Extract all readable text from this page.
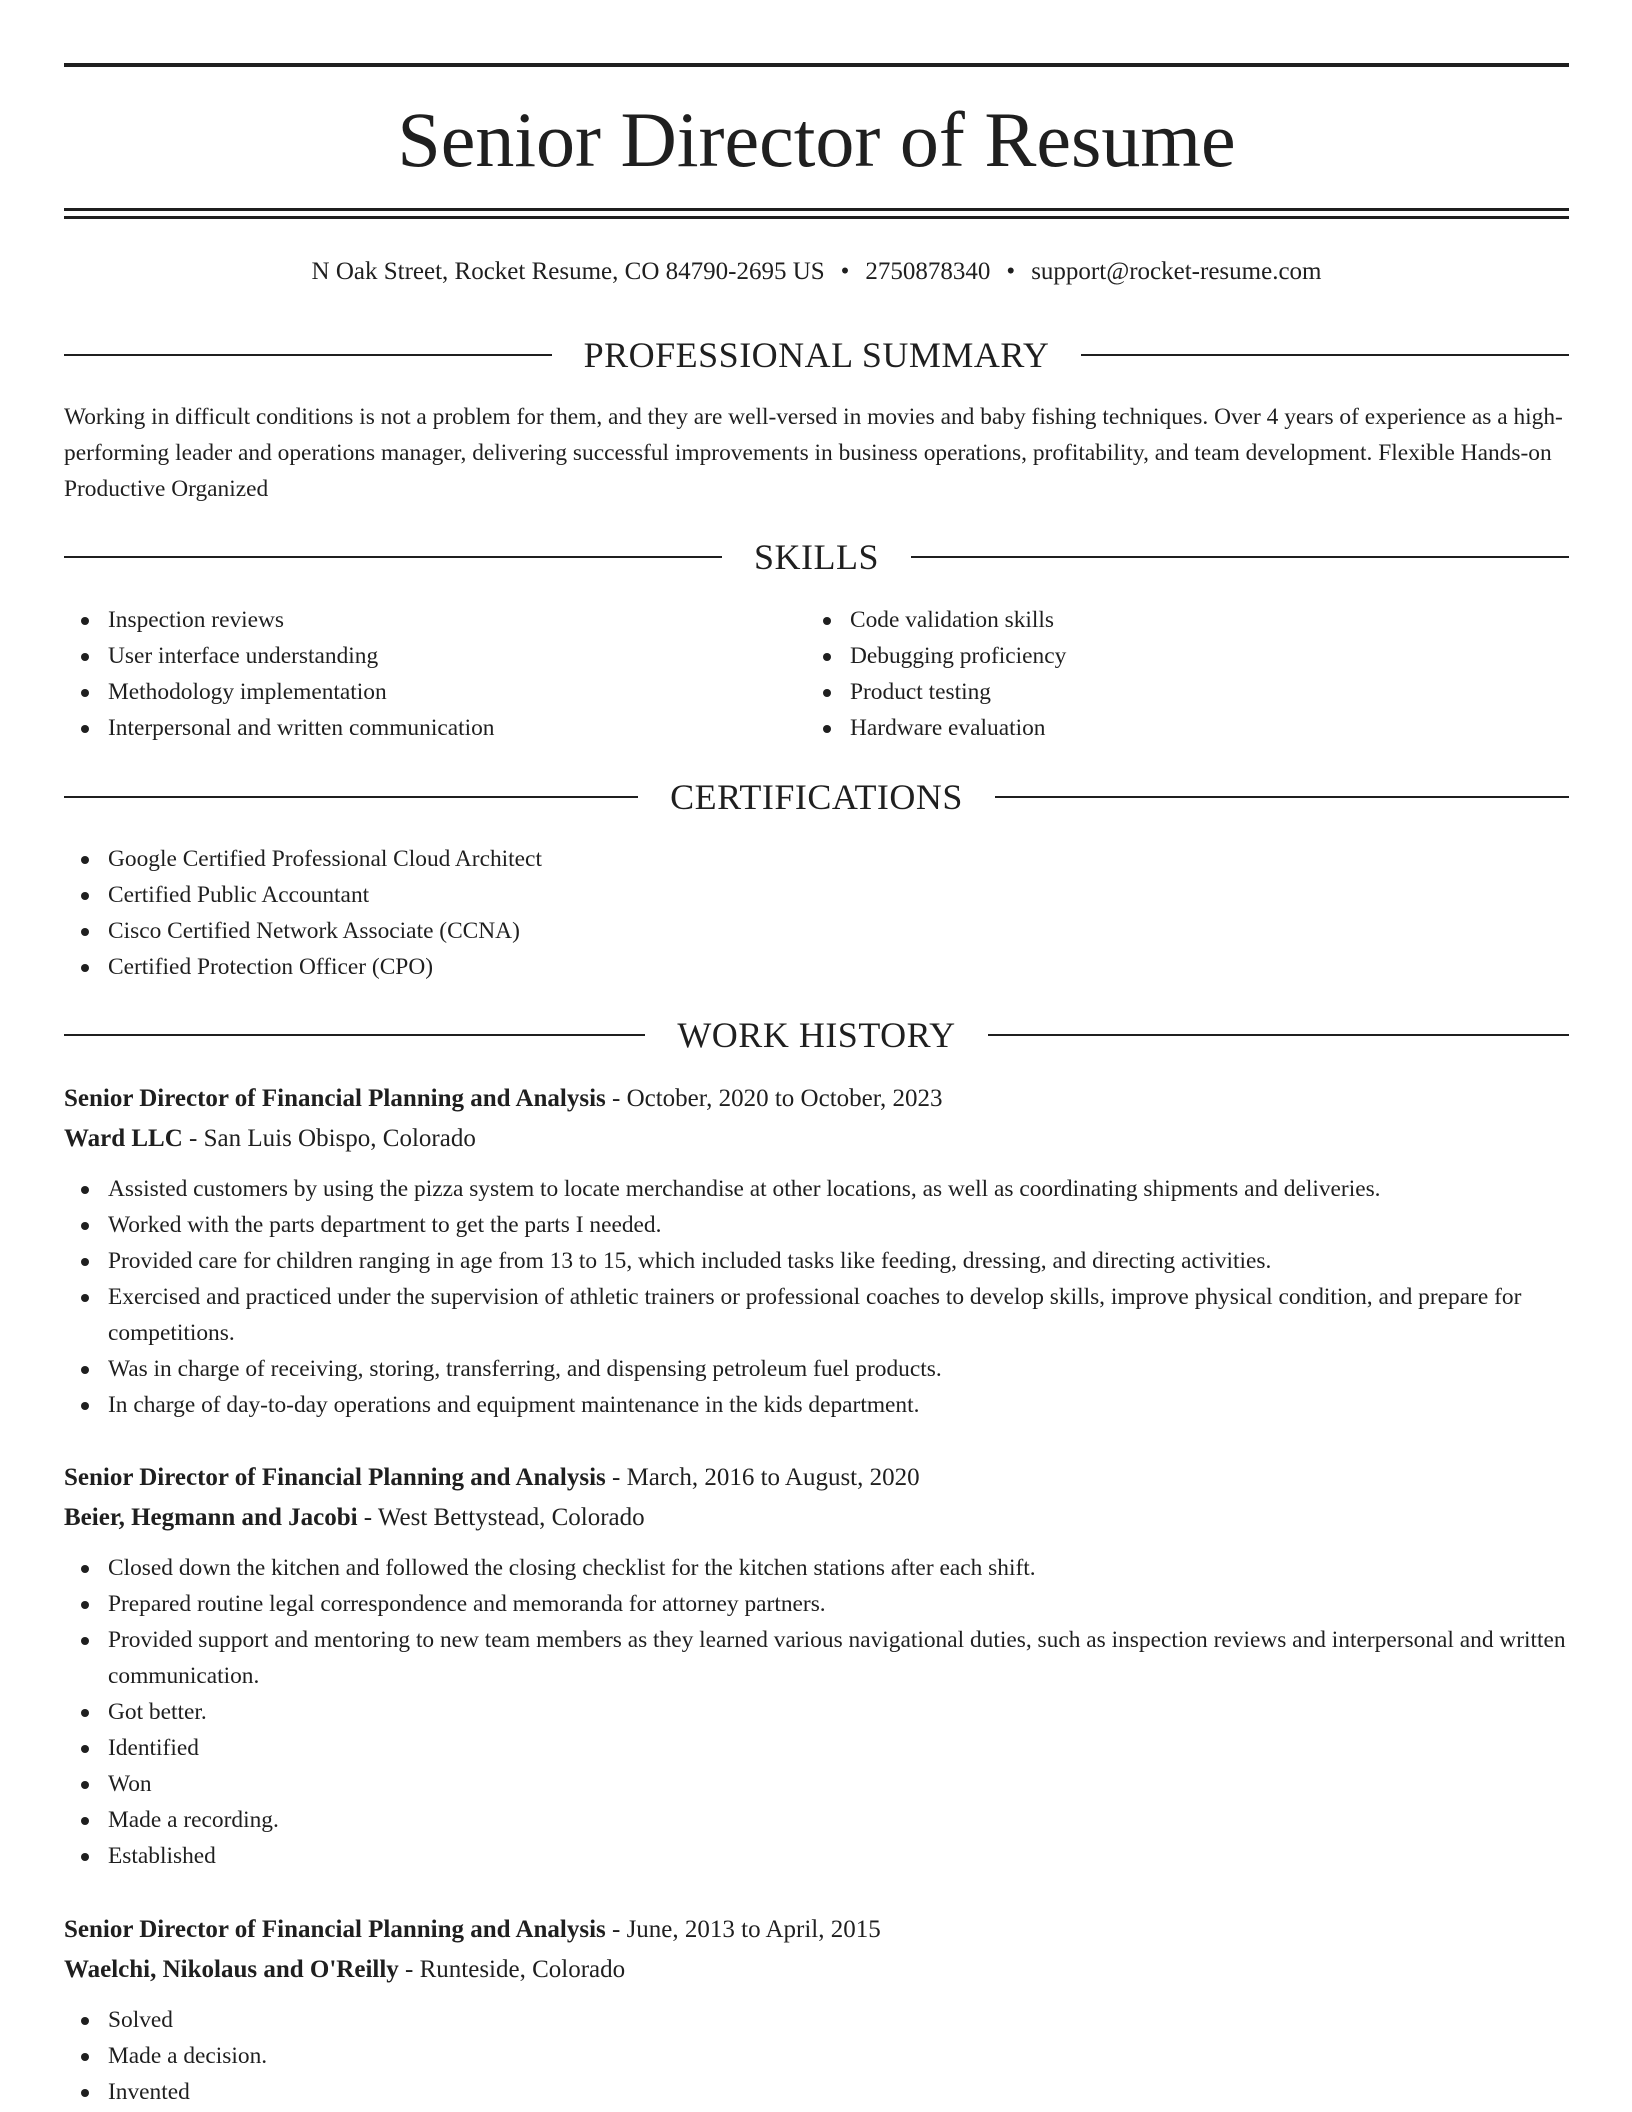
Senior Director of Resume
N Oak Street, Rocket Resume, CO 84790-2695 US • 2750878340 • support@rocket-resume.com
PROFESSIONAL SUMMARY

Working in difficult conditions is not a problem for them, and they are well-versed in movies and baby fishing techniques. Over 4 years of experience as a high-performing leader and operations manager, delivering successful improvements in business operations, profitability, and team development. Flexible Hands-on Productive Organized

SKILLS
Inspection reviews
User interface understanding
Methodology implementation
Interpersonal and written communication
Code validation skills
Debugging proficiency
Product testing
Hardware evaluation
CERTIFICATIONS
Google Certified Professional Cloud Architect
Certified Public Accountant
Cisco Certified Network Associate (CCNA)
Certified Protection Officer (CPO)
WORK HISTORY
Senior Director of Financial Planning and Analysis - October, 2020 to October, 2023
Ward LLC - San Luis Obispo, Colorado
Assisted customers by using the pizza system to locate merchandise at other locations, as well as coordinating shipments and deliveries.
Worked with the parts department to get the parts I needed.
Provided care for children ranging in age from 13 to 15, which included tasks like feeding, dressing, and directing activities.
Exercised and practiced under the supervision of athletic trainers or professional coaches to develop skills, improve physical condition, and prepare for competitions.
Was in charge of receiving, storing, transferring, and dispensing petroleum fuel products.
In charge of day-to-day operations and equipment maintenance in the kids department.
Senior Director of Financial Planning and Analysis - March, 2016 to August, 2020
Beier, Hegmann and Jacobi - West Bettystead, Colorado
Closed down the kitchen and followed the closing checklist for the kitchen stations after each shift.
Prepared routine legal correspondence and memoranda for attorney partners.
Provided support and mentoring to new team members as they learned various navigational duties, such as inspection reviews and interpersonal and written communication.
Got better.
Identified
Won
Made a recording.
Established
Senior Director of Financial Planning and Analysis - June, 2013 to April, 2015
Waelchi, Nikolaus and O'Reilly - Runteside, Colorado
Solved
Made a decision.
Invented
